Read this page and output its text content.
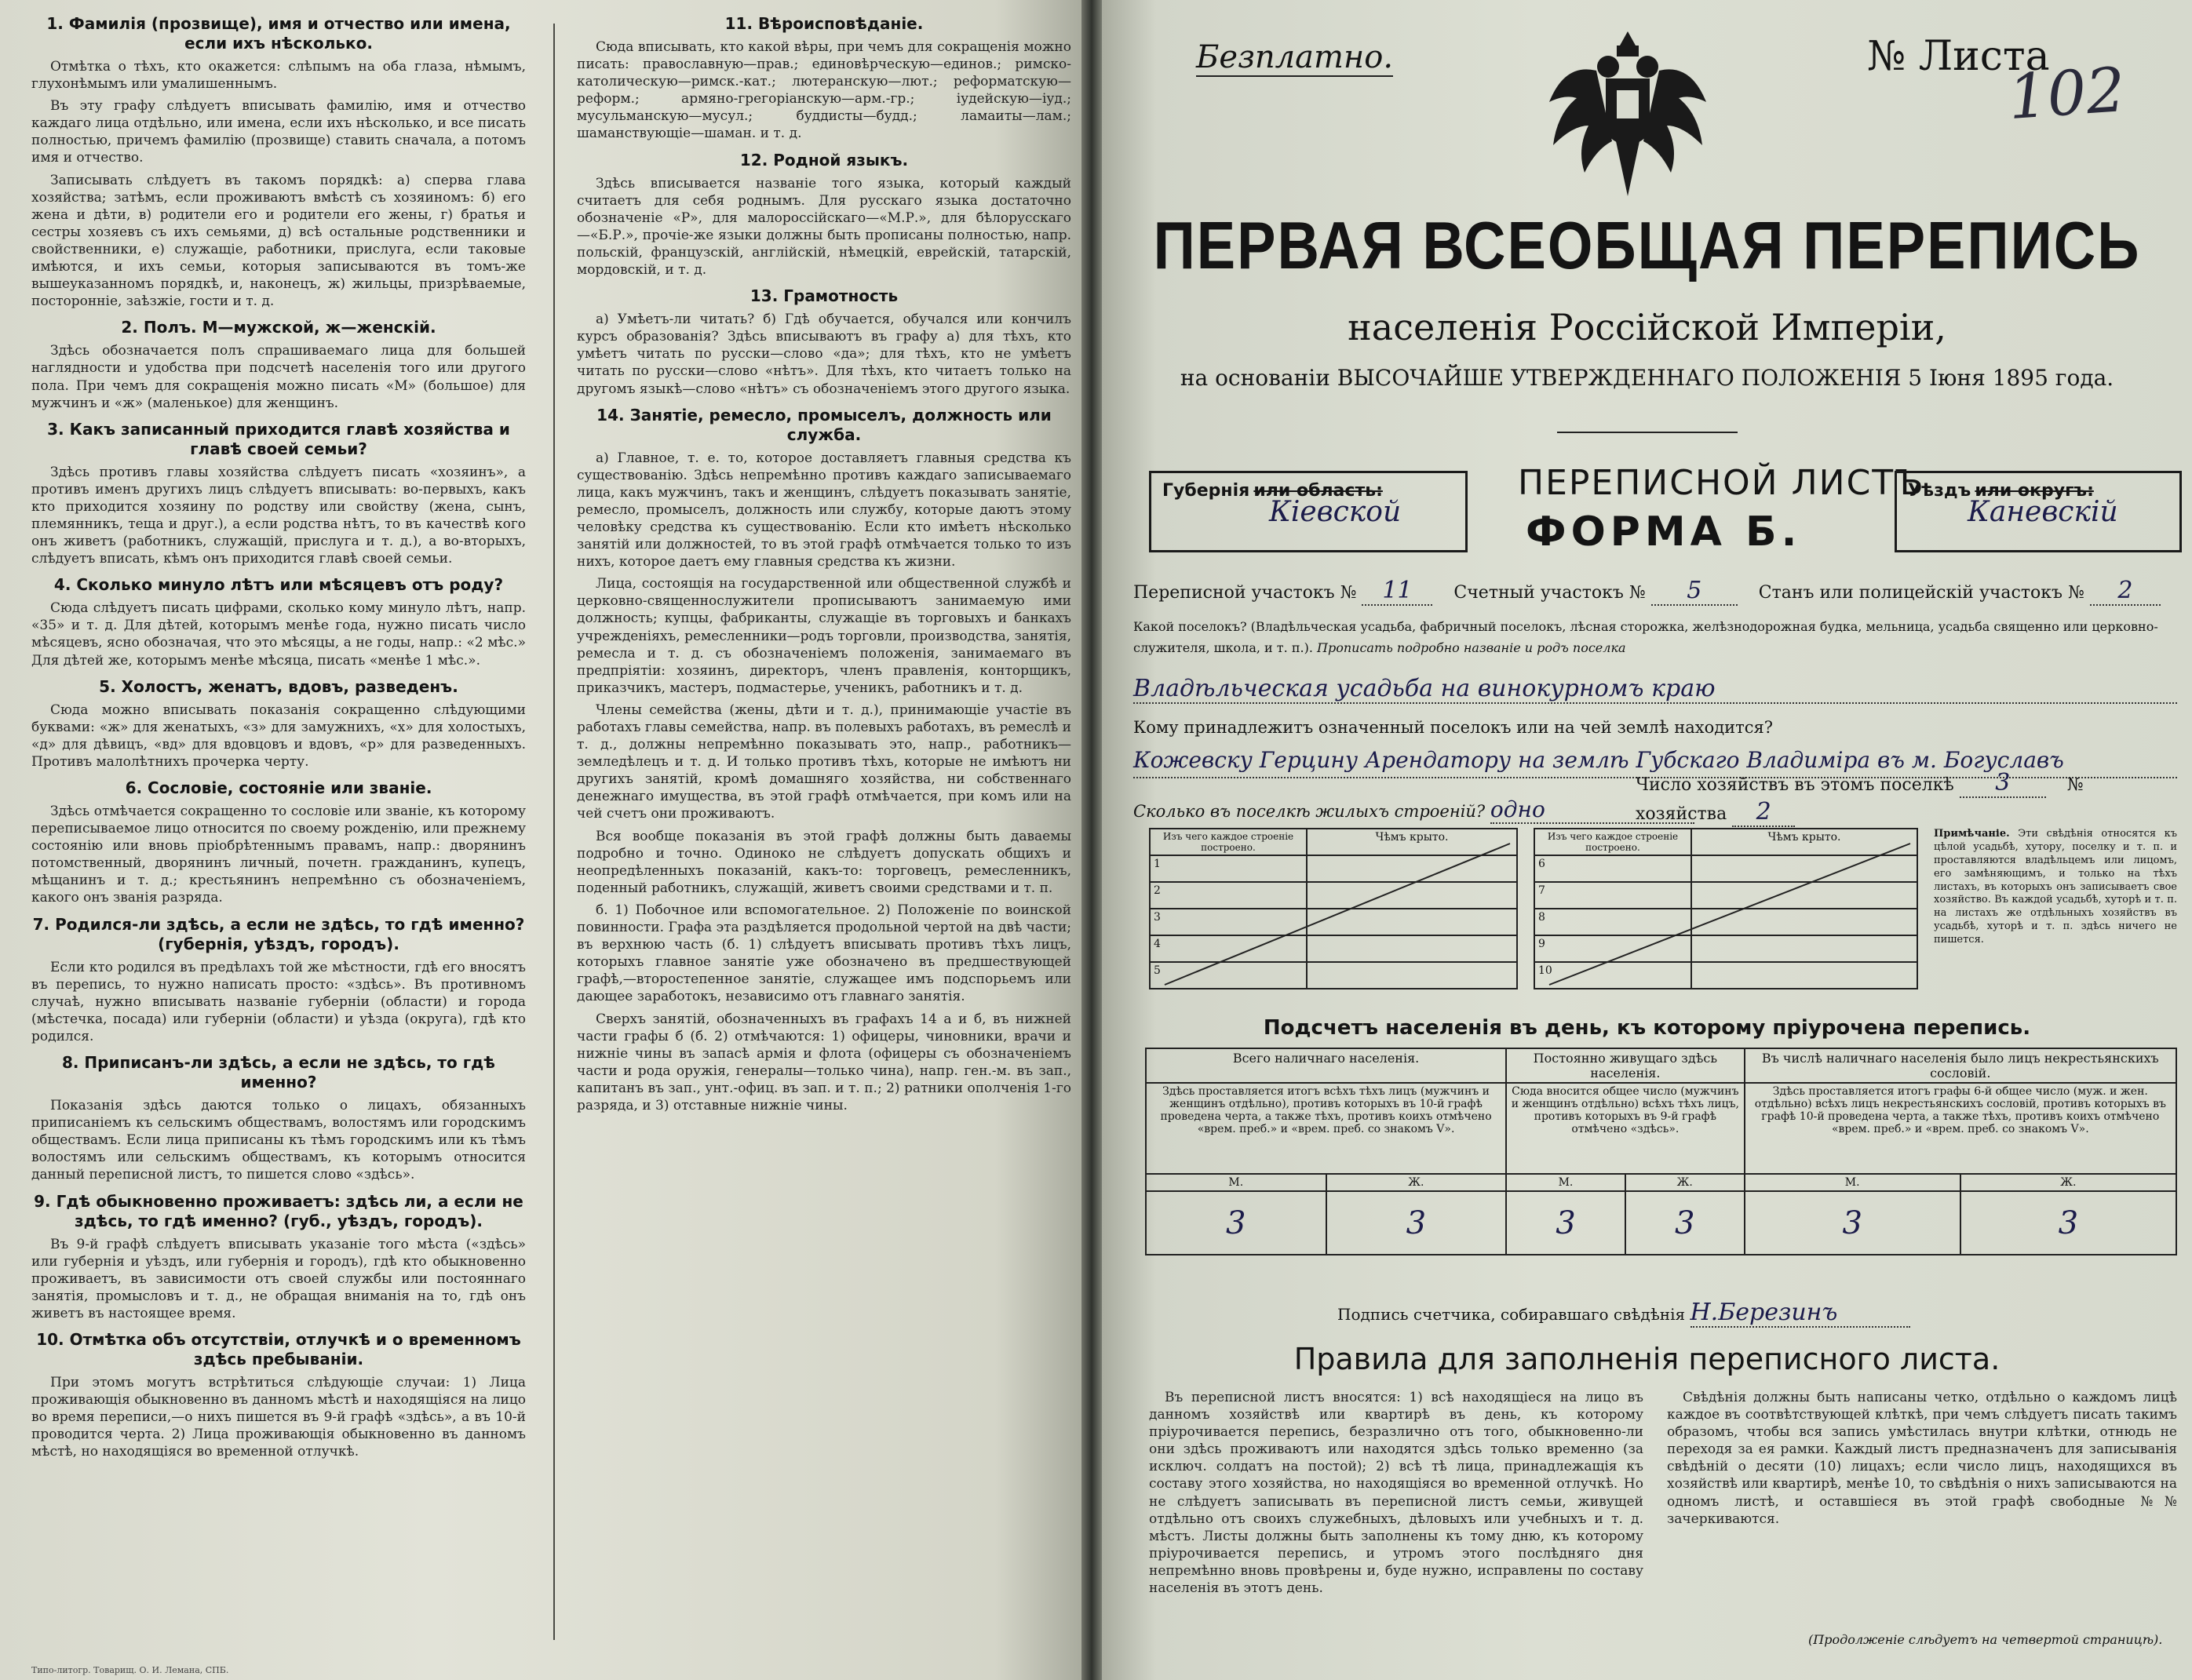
1. Фамилія (прозвище), имя и отчество или имена, если ихъ нѣсколько.

Отмѣтка о тѣхъ, кто окажется: слѣпымъ на оба глаза, нѣмымъ, глухонѣмымъ или умалишеннымъ.

Въ эту графу слѣдуетъ вписывать фамилію, имя и отчество каждаго лица отдѣльно, или имена, если ихъ нѣсколько, и все писать полностью, причемъ фамилію (прозвище) ставить сначала, а потомъ имя и отчество.

Записывать слѣдуетъ въ такомъ порядкѣ: а) сперва глава хозяйства; затѣмъ, если проживаютъ вмѣстѣ съ хозяиномъ: б) его жена и дѣти, в) родители его и родители его жены, г) братья и сестры хозяевъ съ ихъ семьями, д) всѣ остальные родственники и свойственники, е) служащіе, работники, прислуга, если таковые имѣются, и ихъ семьи, которыя записываются въ томъ-же вышеуказанномъ порядкѣ, и, наконецъ, ж) жильцы, призрѣваемые, посторонніе, заѣзжіе, гости и т. д.

2. Полъ. М—мужской, ж—женскій.

Здѣсь обозначается полъ спрашиваемаго лица для большей наглядности и удобства при подсчетѣ населенія того или другого пола. При чемъ для сокращенія можно писать «М» (большое) для мужчинъ и «ж» (маленькое) для женщинъ.

3. Какъ записанный приходится главѣ хозяйства и главѣ своей семьи?

Здѣсь противъ главы хозяйства слѣдуетъ писать «хозяинъ», а противъ именъ другихъ лицъ слѣдуетъ вписывать: во-первыхъ, какъ кто приходится хозяину по родству или свойству (жена, сынъ, племянникъ, теща и друг.), а если родства нѣтъ, то въ качествѣ кого онъ живетъ (работникъ, служащій, прислуга и т. д.), а во-вторыхъ, слѣдуетъ вписать, кѣмъ онъ приходится главѣ своей семьи.

4. Сколько минуло лѣтъ или мѣсяцевъ отъ роду?

Сюда слѣдуетъ писать цифрами, сколько кому минуло лѣтъ, напр. «35» и т. д. Для дѣтей, которымъ менѣе года, нужно писать число мѣсяцевъ, ясно обозначая, что это мѣсяцы, а не годы, напр.: «2 мѣс.» Для дѣтей же, которымъ менѣе мѣсяца, писать «менѣе 1 мѣс.».

5. Холостъ, женатъ, вдовъ, разведенъ.

Сюда можно вписывать показанія сокращенно слѣдующими буквами: «ж» для женатыхъ, «з» для замужнихъ, «х» для холостыхъ, «д» для дѣвицъ, «вд» для вдовцовъ и вдовъ, «р» для разведенныхъ. Противъ малолѣтнихъ прочерка черту.

6. Сословіе, состояніе или званіе.

Здѣсь отмѣчается сокращенно то сословіе или званіе, къ которому переписываемое лицо относится по своему рожденію, или прежнему состоянію или вновь пріобрѣтеннымъ правамъ, напр.: дворянинъ потомственный, дворянинъ личный, почетн. гражданинъ, купецъ, мѣщанинъ и т. д.; крестьянинъ непремѣнно съ обозначеніемъ, какого онъ званія разряда.

7. Родился-ли здѣсь, а если не здѣсь, то гдѣ именно? (губернія, уѣздъ, городъ).

Если кто родился въ предѣлахъ той же мѣстности, гдѣ его вносятъ въ перепись, то нужно написать просто: «здѣсь». Въ противномъ случаѣ, нужно вписывать названіе губерніи (области) и города (мѣстечка, посада) или губерніи (области) и уѣзда (округа), гдѣ кто родился.

8. Приписанъ-ли здѣсь, а если не здѣсь, то гдѣ именно?

Показанія здѣсь даются только о лицахъ, обязанныхъ приписаніемъ къ сельскимъ обществамъ, волостямъ или городскимъ обществамъ. Если лица приписаны къ тѣмъ городскимъ или къ тѣмъ волостямъ или сельскимъ обществамъ, къ которымъ относится данный переписной листъ, то пишется слово «здѣсь».

9. Гдѣ обыкновенно проживаетъ: здѣсь ли, а если не здѣсь, то гдѣ именно? (губ., уѣздъ, городъ).

Въ 9-й графѣ слѣдуетъ вписывать указаніе того мѣста («здѣсь» или губернія и уѣздъ, или губернія и городъ), гдѣ кто обыкновенно проживаетъ, въ зависимости отъ своей службы или постояннаго занятія, промысловъ и т. д., не обращая вниманія на то, гдѣ онъ живетъ въ настоящее время.

10. Отмѣтка объ отсутствіи, отлучкѣ и о временномъ здѣсь пребываніи.

При этомъ могутъ встрѣтиться слѣдующіе случаи: 1) Лица проживающія обыкновенно въ данномъ мѣстѣ и находящіяся на лицо во время переписи,—о нихъ пишется въ 9-й графѣ «здѣсь», а въ 10-й проводится черта. 2) Лица проживающія обыкновенно въ данномъ мѣстѣ, но находящіяся во временной отлучкѣ.

11. Вѣроисповѣданіе.

Сюда вписывать, кто какой вѣры, при чемъ для сокращенія можно писать: православную—прав.; единовѣрческую—единов.; римско-католическую—римск.-кат.; лютеранскую—лют.; реформатскую—реформ.; армяно-грегоріанскую—арм.-гр.; іудейскую—іуд.; мусульманскую—мусул.; буддисты—будд.; ламаиты—лам.; шаманствующіе—шаман. и т. д.

12. Родной языкъ.

Здѣсь вписывается названіе того языка, который каждый считаетъ для себя роднымъ. Для русскаго языка достаточно обозначеніе «Р», для малороссійскаго—«М.Р.», для бѣлорусскаго—«Б.Р.», прочіе-же языки должны быть прописаны полностью, напр. польскій, французскій, англійскій, нѣмецкій, еврейскій, татарскій, мордовскій, и т. д.

13. Грамотность

а) Умѣетъ-ли читать? б) Гдѣ обучается, обучался или кончилъ курсъ образованія? Здѣсь вписываютъ въ графу а) для тѣхъ, кто умѣетъ читать по русски—слово «да»; для тѣхъ, кто не умѣетъ читать по русски—слово «нѣтъ». Для тѣхъ, кто читаетъ только на другомъ языкѣ—слово «нѣтъ» съ обозначеніемъ этого другого языка.

14. Занятіе, ремесло, промыселъ, должность или служба.

а) Главное, т. е. то, которое доставляетъ главныя средства къ существованію. Здѣсь непремѣнно противъ каждаго записываемаго лица, какъ мужчинъ, такъ и женщинъ, слѣдуетъ показывать занятіе, ремесло, промыселъ, должность или службу, которые даютъ этому человѣку средства къ существованію. Если кто имѣетъ нѣсколько занятій или должностей, то въ этой графѣ отмѣчается только то изъ нихъ, которое даетъ ему главныя средства къ жизни.

Лица, состоящія на государственной или общественной службѣ и церковно-священнослужители прописываютъ занимаемую ими должность; купцы, фабриканты, служащіе въ торговыхъ и банкахъ учрежденіяхъ, ремесленники—родъ торговли, производства, занятія, ремесла и т. д. съ обозначеніемъ положенія, занимаемаго въ предпріятіи: хозяинъ, директоръ, членъ правленія, конторщикъ, приказчикъ, мастеръ, подмастерье, ученикъ, работникъ и т. д.

Члены семейства (жены, дѣти и т. д.), принимающіе участіе въ работахъ главы семейства, напр. въ полевыхъ работахъ, въ ремеслѣ и т. д., должны непремѣнно показывать это, напр., работникъ—земледѣлецъ и т. д. И только противъ тѣхъ, которые не имѣютъ ни другихъ занятій, кромѣ домашняго хозяйства, ни собственнаго денежнаго имущества, въ этой графѣ отмѣчается, при комъ или на чей счетъ они проживаютъ.

Вся вообще показанія въ этой графѣ должны быть даваемы подробно и точно. Одиноко не слѣдуетъ допускать общихъ и неопредѣленныхъ показаній, какъ-то: торговецъ, ремесленникъ, поденный работникъ, служащій, живетъ своими средствами и т. п.

б. 1) Побочное или вспомогательное. 2) Положеніе по воинской повинности. Графа эта раздѣляется продольной чертой на двѣ части; въ верхнюю часть (б. 1) слѣдуетъ вписывать противъ тѣхъ лицъ, которыхъ главное занятіе уже обозначено въ предшествующей графѣ,—второстепенное занятіе, служащее имъ подспорьемъ или дающее заработокъ, независимо отъ главнаго занятія.

Сверхъ занятій, обозначенныхъ въ графахъ 14 а и б, въ нижней части графы б (б. 2) отмѣчаются: 1) офицеры, чиновники, врачи и нижніе чины въ запасѣ армія и флота (офицеры съ обозначеніемъ части и рода оружія, генералы—только чина), напр. ген.-м. въ зап., капитанъ въ зап., унт.-офиц. въ зап. и т. п.; 2) ратники ополченія 1-го разряда, и 3) отставные нижніе чины.

Типо-литогр. Товарищ. О. И. Лемана, СПБ.
Безплатно.	№ Листа
102
ПЕРВАЯ ВСЕОБЩАЯ ПЕРЕПИСЬ
населенія Россійской Имперіи,
на основаніи ВЫСОЧАЙШЕ УТВЕРЖДЕННАГО ПОЛОЖЕНІЯ 5 Іюня 1895 года.
Губернія или область:
Кіевской
ПЕРЕПИСНОЙ ЛИСТЪ
ФОРМА Б.
Уѣздъ или округъ:
Каневскій
Переписной участокъ № 11 Счетный участокъ № 5	Станъ или полицейскій участокъ № 2
Какой поселокъ? (Владѣльческая усадьба, фабричный поселокъ, лѣсная сторожка, желѣзнодорожная будка, мельница, усадьба священно или церковно-служителя, школа, и т. п.). Прописать подробно названіе и родъ поселка
Владѣльческая усадьба на винокурномъ краю
Кому принадлежитъ означенный поселокъ или на чей землѣ находится?
Кожевску Герцину Арендатору на землѣ Губскаго Владиміра въ м. Богуславъ
Число хозяйствъ въ этомъ поселкѣ 3	№ хозяйства 2
Сколько въ поселкѣ жилыхъ строеній? одно
Изъ чего каждое строеніе построено.	Чѣмъ крыто.
1	
2	
3	
4	
5	
Изъ чего каждое строеніе построено.	Чѣмъ крыто.
6	
7	
8	
9	
10	
Примѣчаніе. Эти свѣдѣнія относятся къ цѣлой усадьбѣ, хутору, поселку и т. п. и проставляются владѣльцемъ или лицомъ, его замѣняющимъ, и только на тѣхъ листахъ, въ которыхъ онъ записываетъ свое хозяйство. Въ каждой усадьбѣ, хуторѣ и т. п. на листахъ же отдѣльныхъ хозяйствъ въ усадьбѣ, хуторѣ и т. п. здѣсь ничего не пишется.
Подсчетъ населенія въ день, къ которому пріурочена перепись.
Всего наличнаго населенія.		Постоянно живущаго здѣсь населенія.		Въ числѣ наличнаго населенія было лицъ некрестьянскихъ сословій.	
Здѣсь проставляется итогъ всѣхъ тѣхъ лицъ (мужчинъ и женщинъ отдѣльно), противъ которыхъ въ 10-й графѣ проведена черта, а также тѣхъ, противъ коихъ отмѣчено «врем. преб.» и «врем. преб. со знакомъ V».		Сюда вносится общее число (мужчинъ и женщинъ отдѣльно) всѣхъ тѣхъ лицъ, противъ которыхъ въ 9-й графѣ отмѣчено «здѣсь».		Здѣсь проставляется итогъ графы 6-й общее число (муж. и жен. отдѣльно) всѣхъ лицъ некрестьянскихъ сословій, противъ которыхъ въ графѣ 10-й проведена черта, а также тѣхъ, противъ коихъ отмѣчено «врем. преб.» и «врем. преб. со знакомъ V».	
М.	Ж.	М.	Ж.	М.	Ж.
3	3	3	3	3	3
Подпись счетчика, собиравшаго свѣдѣнія Н.Березинъ
Правила для заполненія переписного листа.

Въ переписной листъ вносятся: 1) всѣ находящіеся на лицо въ данномъ хозяйствѣ или квартирѣ въ день, къ которому пріурочивается перепись, безразлично отъ того, обыкновенно-ли они здѣсь проживаютъ или находятся здѣсь только временно (за исключ. солдатъ на постой); 2) всѣ тѣ лица, принадлежащія къ составу этого хозяйства, но находящіяся во временной отлучкѣ. Но не слѣдуетъ записывать въ переписной листъ семьи, живущей отдѣльно отъ своихъ служебныхъ, дѣловыхъ или учебныхъ и т. д. мѣстъ. Листы должны быть заполнены къ тому дню, къ которому пріурочивается перепись, и утромъ этого послѣдняго дня непремѣнно вновь провѣрены и, буде нужно, исправлены по составу населенія въ этотъ день.

Свѣдѣнія должны быть написаны четко, отдѣльно о каждомъ лицѣ каждое въ соотвѣтствующей клѣткѣ, при чемъ слѣдуетъ писать такимъ образомъ, чтобы вся запись умѣстилась внутри клѣтки, отнюдь не переходя за ея рамки. Каждый листъ предназначенъ для записыванія свѣдѣній о десяти (10) лицахъ; если число лицъ, находящихся въ хозяйствѣ или квартирѣ, менѣе 10, то свѣдѣнія о нихъ записываются на одномъ листѣ, и оставшіеся въ этой графѣ свободные №№ зачеркиваются.

(Продолженіе слѣдуетъ на четвертой страницѣ).
